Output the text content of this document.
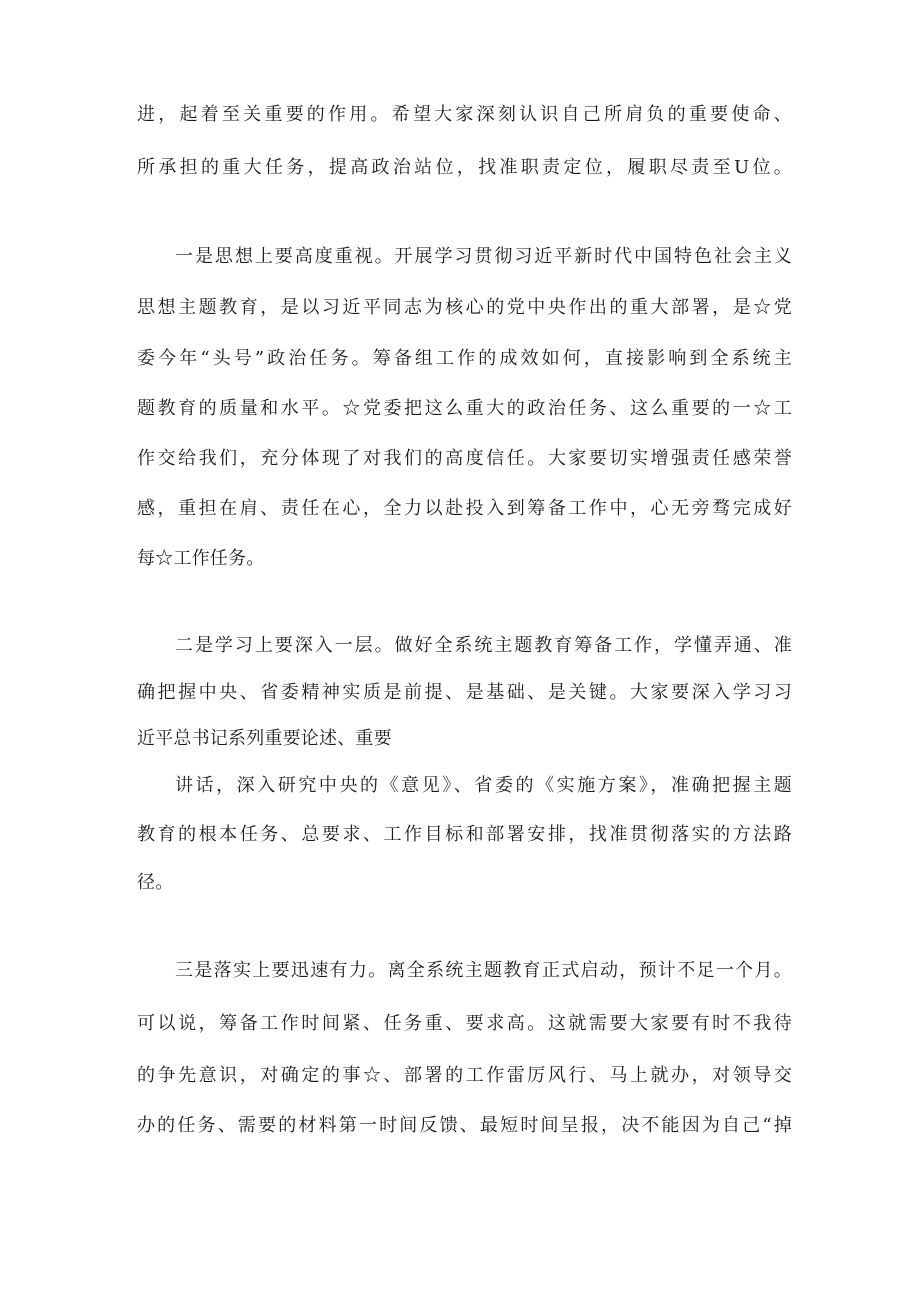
进，起着至关重要的作用。希望大家深刻认识自己所肩负的重要使命、
所承担的重大任务，提高政治站位，找准职责定位，履职尽责至U位。
一是思想上要高度重视。开展学习贯彻习近平新时代中国特色社会主义
思想主题教育，是以习近平同志为核心的党中央作出的重大部署，是☆党
委今年“头号”政治任务。筹备组工作的成效如何，直接影响到全系统主
题教育的质量和水平。☆党委把这么重大的政治任务、这么重要的一☆工
作交给我们，充分体现了对我们的高度信任。大家要切实增强责任感荣誉
感，重担在肩、责任在心，全力以赴投入到筹备工作中，心无旁骛完成好
每☆工作任务。
二是学习上要深入一层。做好全系统主题教育筹备工作，学懂弄通、准
确把握中央、省委精神实质是前提、是基础、是关键。大家要深入学习习
近平总书记系列重要论述、重要
讲话，深入研究中央的《意见》、省委的《实施方案》，准确把握主题
教育的根本任务、总要求、工作目标和部署安排，找准贯彻落实的方法路
径。
三是落实上要迅速有力。离全系统主题教育正式启动，预计不足一个月。
可以说，筹备工作时间紧、任务重、要求高。这就需要大家要有时不我待
的争先意识，对确定的事☆、部署的工作雷厉风行、马上就办，对领导交
办的任务、需要的材料第一时间反馈、最短时间呈报，决不能因为自己“掉
